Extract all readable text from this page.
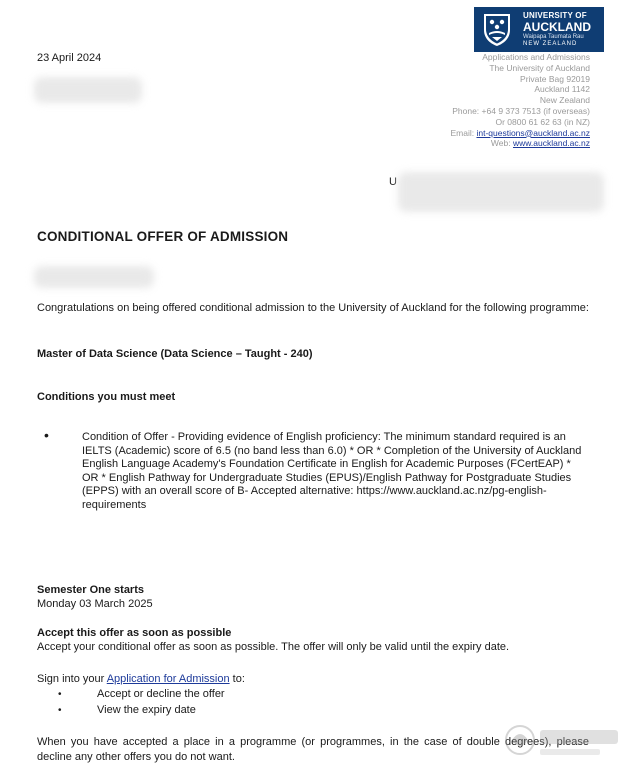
UNIVERSITY OF
AUCKLAND
Waipapa Taumata Rau
NEW ZEALAND
23 April 2024	Applications and Admissions
The University of Auckland
Private Bag 92019
Auckland 1142
New Zealand
Phone: +64 9 373 7513 (if overseas)
Or 0800 61 62 63 (in NZ)
Email: int-questions@auckland.ac.nz
Web: www.auckland.ac.nz
U
CONDITIONAL OFFER OF ADMISSION
Congratulations on being offered conditional admission to the University of Auckland for the following programme:
Master of Data Science (Data Science – Taught - 240)
Conditions you must meet
•	Condition of Offer - Providing evidence of English proficiency: The minimum standard required is an IELTS (Academic) score of 6.5 (no band less than 6.0) * OR * Completion of the University of Auckland English Language Academy's Foundation Certificate in English for Academic Purposes (FCertEAP) * OR * English Pathway for Undergraduate Studies (EPUS)/English Pathway for Postgraduate Studies (EPPS) with an overall score of B- Accepted alternative: https://www.auckland.ac.nz/pg-english-requirements
Semester One starts
Monday 03 March 2025
Accept this offer as soon as possible
Accept your conditional offer as soon as possible. The offer will only be valid until the expiry date.
Sign into your Application for Admission to:
•	Accept or decline the offer
•	View the expiry date
When you have accepted a place in a programme (or programmes, in the case of double degrees), please decline any other offers you do not want.
